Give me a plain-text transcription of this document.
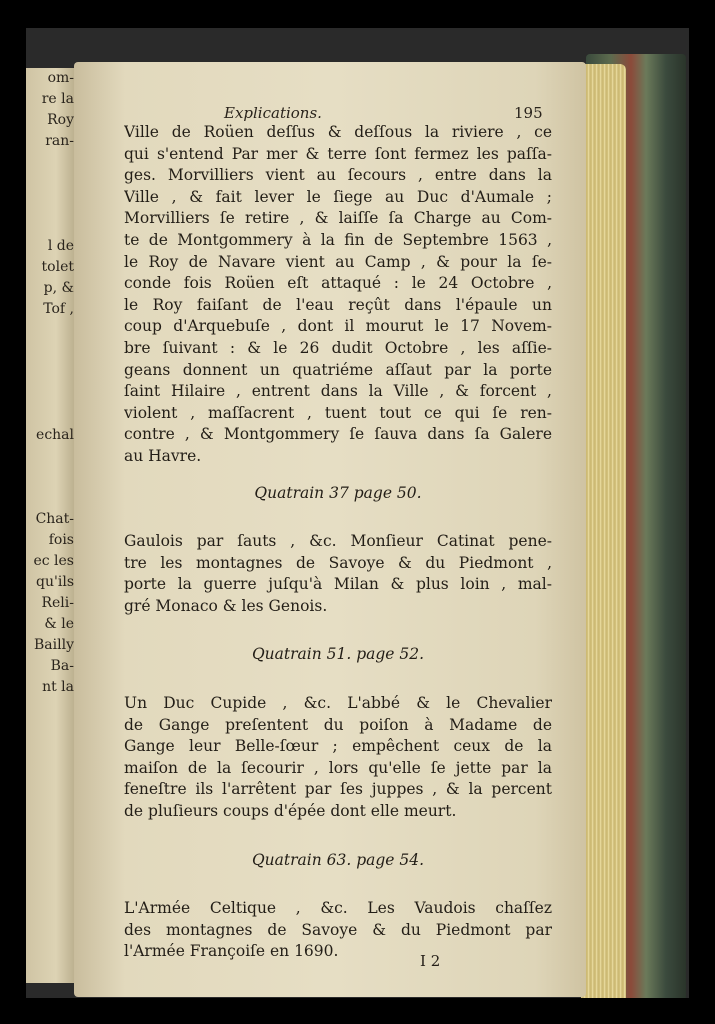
om-
re la
Roy
ran-
l de
tolet
p, &
Tof ,
echal
Chat-
fois
ec les
qu'ils
Reli-
& le
Bailly
Ba-
nt la
Explications.	195
Ville de Roüen deſſus & deſſous la riviere , ce
qui s'entend Par mer & terre ſont fermez les paſſa-
ges. Morvilliers vient au ſecours , entre dans la
Ville , & fait lever le ſiege au Duc d'Aumale ;
Morvilliers ſe retire , & laiſſe ſa Charge au Com-
te de Montgommery à la fin de Septembre 1563 ,
le Roy de Navare vient au Camp , & pour la ſe-
conde fois Roüen eſt attaqué : le 24 Octobre ,
le Roy faiſant de l'eau reçût dans l'épaule un
coup d'Arquebuſe , dont il mourut le 17 Novem-
bre ſuivant : & le 26 dudit Octobre , les aſſie-
geans donnent un quatriéme aſſaut par la porte
ſaint Hilaire , entrent dans la Ville , & forcent ,
violent , maſſacrent , tuent tout ce qui ſe ren-
contre , & Montgommery ſe ſauva dans ſa Galere
au Havre.
Quatrain 37 page 50.
Gaulois par ſauts , &c. Monſieur Catinat pene-
tre les montagnes de Savoye & du Piedmont ,
porte la guerre juſqu'à Milan & plus loin , mal-
gré Monaco & les Genois.
Quatrain 51. page 52.
Un Duc Cupide , &c. L'abbé & le Chevalier
de Gange preſentent du poiſon à Madame de
Gange leur Belle-ſœur ; empêchent ceux de la
maiſon de la ſecourir , lors qu'elle ſe jette par la
feneſtre ils l'arrêtent par ſes juppes , & la percent
de pluſieurs coups d'épée dont elle meurt.
Quatrain 63. page 54.
L'Armée Celtique , &c. Les Vaudois chaſſez
des montagnes de Savoye & du Piedmont par
l'Armée Françoiſe en 1690.
I 2
